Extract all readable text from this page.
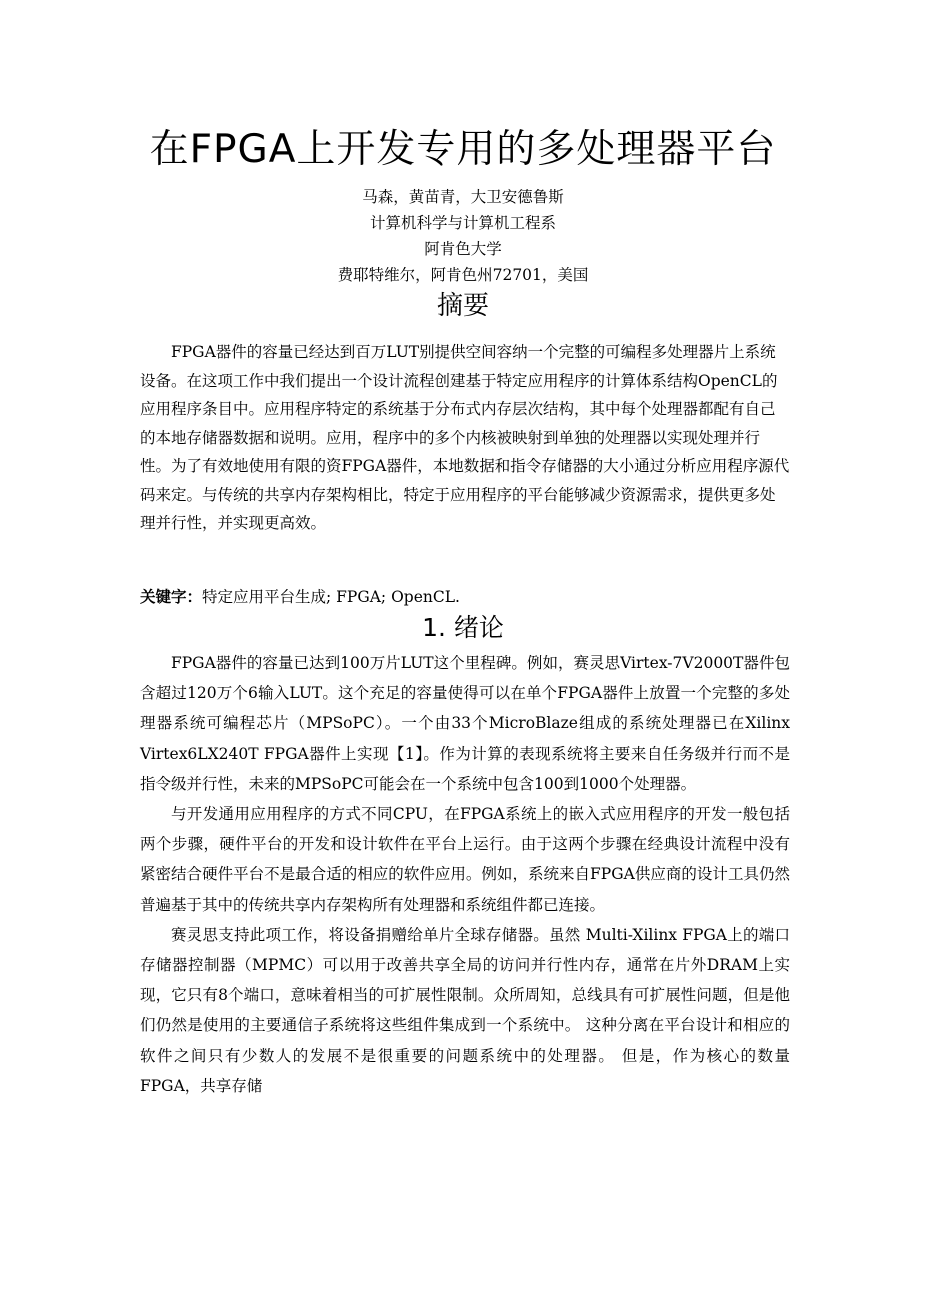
在FPGA上开发专用的多处理器平台
马森，黄苗青，大卫安德鲁斯
计算机科学与计算机工程系
阿肯色大学
费耶特维尔，阿肯色州72701，美国
摘要

FPGA器件的容量已经达到百万LUT别提供空间容纳一个完整的可编程多处理器片上系统设备。在这项工作中我们提出一个设计流程创建基于特定应用程序的计算体系结构OpenCL的应用程序条目中。应用程序特定的系统基于分布式内存层次结构，其中每个处理器都配有自己的本地存储器数据和说明。应用，程序中的多个内核被映射到单独的处理器以实现处理并行性。为了有效地使用有限的资FPGA器件，本地数据和指令存储器的大小通过分析应用程序源代码来定。与传统的共享内存架构相比，特定于应用程序的平台能够减少资源需求，提供更多处理并行性，并实现更高效。

关键字：特定应用平台生成; FPGA; OpenCL.
1. 绪论

FPGA器件的容量已达到100万片LUT这个里程碑。例如，赛灵思Virtex-7V2000T器件包含超过120万个6输入LUT。这个充足的容量使得可以在单个FPGA器件上放置一个完整的多处理器系统可编程芯片（MPSoPC）。一个由33个MicroBlaze组成的系统处理器已在Xilinx Virtex6LX240T FPGA器件上实现【1】。作为计算的表现系统将主要来自任务级并行而不是指令级并行性，未来的MPSoPC可能会在一个系统中包含100到1000个处理器。

与开发通用应用程序的方式不同CPU，在FPGA系统上的嵌入式应用程序的开发一般包括两个步骤，硬件平台的开发和设计软件在平台上运行。由于这两个步骤在经典设计流程中没有紧密结合硬件平台不是最合适的相应的软件应用。例如，系统来自FPGA供应商的设计工具仍然普遍基于其中的传统共享内存架构所有处理器和系统组件都已连接。

赛灵思支持此项工作，将设备捐赠给单片全球存储器。虽然 Multi-Xilinx FPGA上的端口存储器控制器（MPMC）可以用于改善共享全局的访问并行性内存，通常在片外DRAM上实现，它只有8个端口，意味着相当的可扩展性限制。众所周知，总线具有可扩展性问题，但是他们仍然是使用的主要通信子系统将这些组件集成到一个系统中。 这种分离在平台设计和相应的软件之间只有少数人的发展不是很重要的问题系统中的处理器。 但是，作为核心的数量FPGA，共享存储
